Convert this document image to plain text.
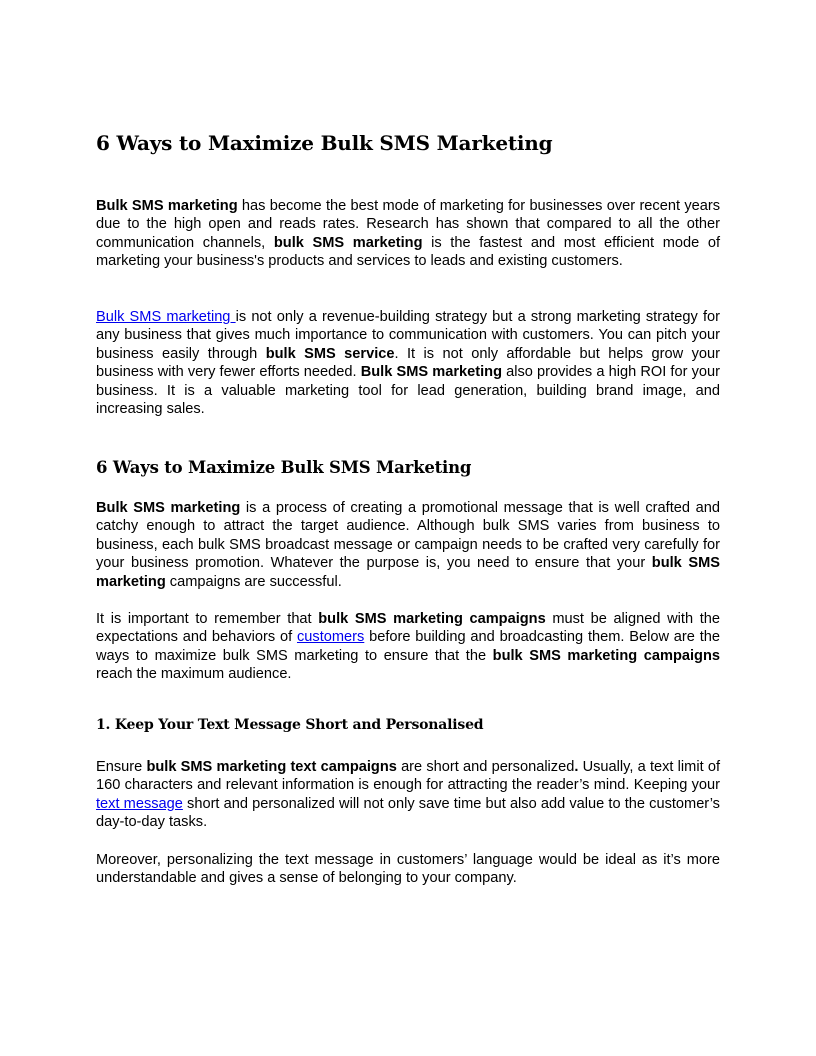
6 Ways to Maximize Bulk SMS Marketing

Bulk SMS marketing has become the best mode of marketing for businesses over recent years due to the high open and reads rates. Research has shown that compared to all the other communication channels, bulk SMS marketing is the fastest and most efficient mode of marketing your business's products and services to leads and existing customers.

Bulk SMS marketing is not only a revenue-building strategy but a strong marketing strategy for any business that gives much importance to communication with customers. You can pitch your business easily through bulk SMS service. It is not only affordable but helps grow your business with very fewer efforts needed. Bulk SMS marketing also provides a high ROI for your business. It is a valuable marketing tool for lead generation, building brand image, and increasing sales.

6 Ways to Maximize Bulk SMS Marketing

Bulk SMS marketing is a process of creating a promotional message that is well crafted and catchy enough to attract the target audience. Although bulk SMS varies from business to business, each bulk SMS broadcast message or campaign needs to be crafted very carefully for your business promotion. Whatever the purpose is, you need to ensure that your bulk SMS marketing campaigns are successful.

It is important to remember that bulk SMS marketing campaigns must be aligned with the expectations and behaviors of customers before building and broadcasting them. Below are the ways to maximize bulk SMS marketing to ensure that the bulk SMS marketing campaigns reach the maximum audience.

1. Keep Your Text Message Short and Personalised

Ensure bulk SMS marketing text campaigns are short and personalized. Usually, a text limit of 160 characters and relevant information is enough for attracting the reader’s mind. Keeping your text message short and personalized will not only save time but also add value to the customer’s day-to-day tasks.

Moreover, personalizing the text message in customers’ language would be ideal as it’s more understandable and gives a sense of belonging to your company.
